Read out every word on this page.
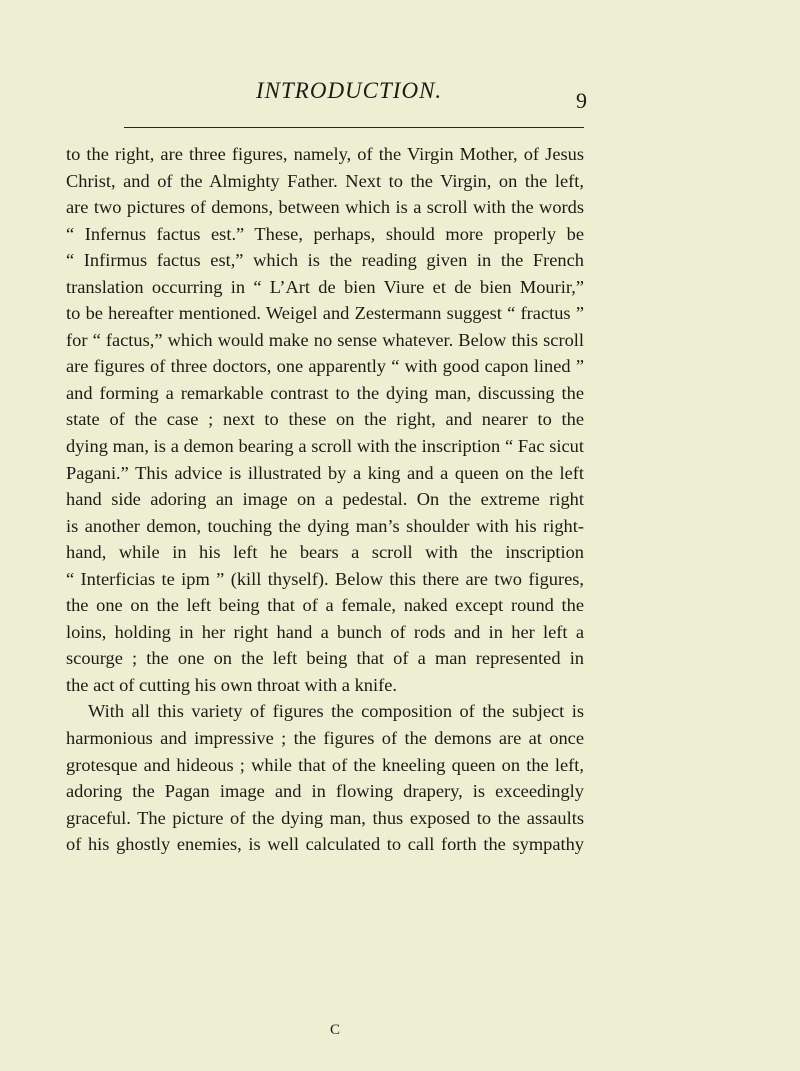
INTRODUCTION.	9
to the right, are three figures, namely, of the Virgin Mother, of Jesus
Christ, and of the Almighty Father. Next to the Virgin, on the left,
are two pictures of demons, between which is a scroll with the words
“ Infernus factus est.” These, perhaps, should more properly be
“ Infirmus factus est,” which is the reading given in the French
translation occurring in “ L’Art de bien Viure et de bien Mourir,”
to be hereafter mentioned. Weigel and Zestermann suggest “ fractus ”
for “ factus,” which would make no sense whatever. Below this scroll
are figures of three doctors, one apparently “ with good capon lined ”
and forming a remarkable contrast to the dying man, discussing the
state of the case ; next to these on the right, and nearer to the
dying man, is a demon bearing a scroll with the inscription “ Fac sicut
Pagani.” This advice is illustrated by a king and a queen on the left
hand side adoring an image on a pedestal. On the extreme right
is another demon, touching the dying man’s shoulder with his right-
hand, while in his left he bears a scroll with the inscription
“ Interficias te ipm ” (kill thyself). Below this there are two figures,
the one on the left being that of a female, naked except round the
loins, holding in her right hand a bunch of rods and in her left a
scourge ; the one on the left being that of a man represented in
the act of cutting his own throat with a knife.
With all this variety of figures the composition of the subject is
harmonious and impressive ; the figures of the demons are at once
grotesque and hideous ; while that of the kneeling queen on the left,
adoring the Pagan image and in flowing drapery, is exceedingly
graceful. The picture of the dying man, thus exposed to the assaults
of his ghostly enemies, is well calculated to call forth the sympathy
C
